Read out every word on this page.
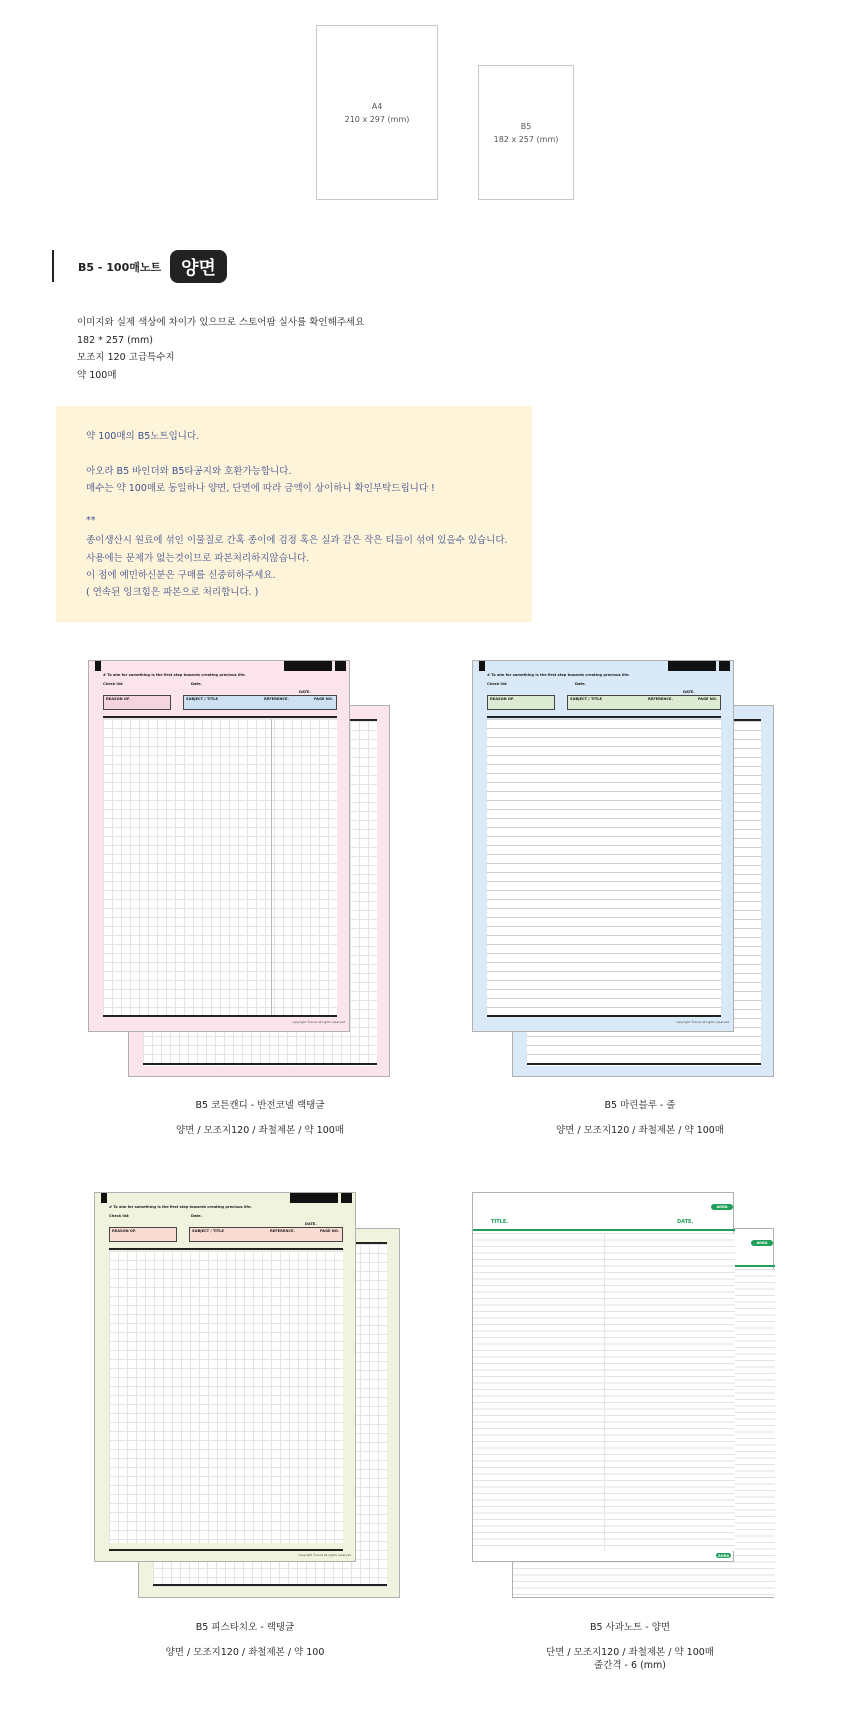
A4
210 x 297 (mm)
B5
182 x 257 (mm)
B5 - 100매노트	양면
이미지와 실제 색상에 차이가 있으므로 스토어팜 실사를 확인해주세요
182 * 257 (mm)
모조지 120 고급특수지
약 100매

약 100매의 B5노트입니다.

아오라 B5 바인더와 B5타공지와 호환가능합니다.

매수는 약 100매로 동일하나 양면, 단면에 따라 금액이 상이하니 확인부탁드립니다 !

**

종이생산시 원료에 섞인 이물질로 간혹 종이에 검정 혹은 실과 같은 작은 티들이 섞여 있을수 있습니다.

사용에는 문제가 없는것이므로 파본처리하지않습니다.

이 점에 예민하신분은 구매를 신중히하주세요.

( 연속된 잉크힘은 파본으로 처리합니다. )

# To aim for something is the first step towards creating precious life.
Check list	Date.
DATE.
REASON OF.	SUBJECT / TITLE	REFERENCE.	PAGE NO.
copyright ©aora all rights reserved
B5 코튼캔디 - 반전코넬 랙탱글
양면 / 모조지120 / 좌철제본 / 약 100매
# To aim for something is the first step towards creating precious life.
Check list	Date.
DATE.
REASON OF.	SUBJECT / TITLE	REFERENCE.	PAGE NO.
copyright ©aora all rights reserved
B5 마린블루 - 줄
양면 / 모조지120 / 좌철제본 / 약 100매
# To aim for something is the first step towards creating precious life.
Check list	Date.
DATE.
REASON OF.	SUBJECT / TITLE	REFERENCE.	PAGE NO.
copyright ©aora all rights reserved
B5 피스타치오 - 랙탱글
양면 / 모조지120 / 좌철제본 / 약 100
AORA
AORA
TITLE.	DATE.
AORA
B5 사과노트 - 양면
단면 / 모조지120 / 좌철제본 / 약 100매
줄간격 - 6 (mm)
